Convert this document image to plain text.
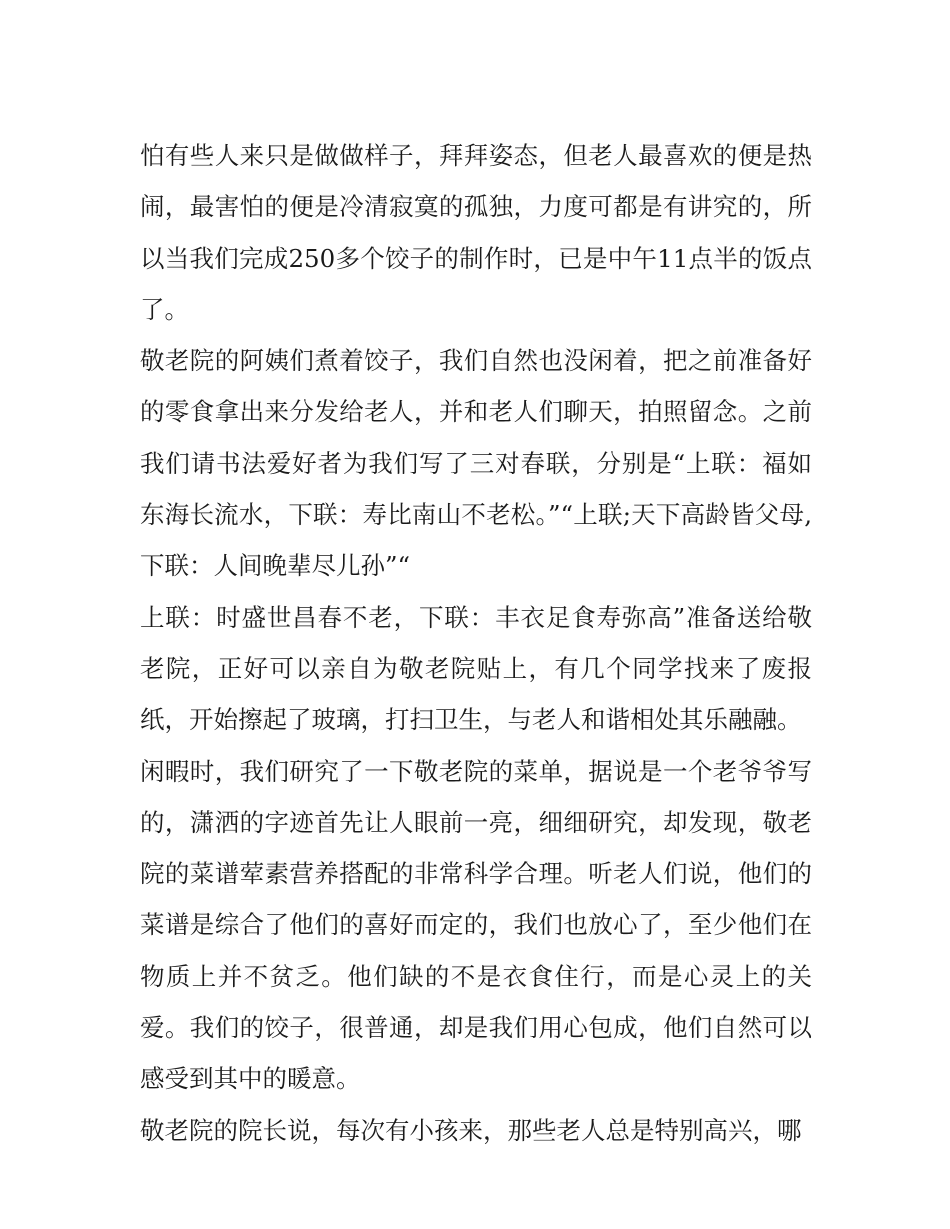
怕有些人来只是做做样子，拜拜姿态，但老人最喜欢的便是热闹，最害怕的便是冷清寂寞的孤独，力度可都是有讲究的，所以当我们完成250多个饺子的制作时，已是中午11点半的饭点了。

敬老院的阿姨们煮着饺子，我们自然也没闲着，把之前准备好的零食拿出来分发给老人，并和老人们聊天，拍照留念。之前我们请书法爱好者为我们写了三对春联，分别是“上联：福如东海长流水，下联：寿比南山不老松。”“上联;天下高龄皆父母,下联：人间晚辈尽儿孙”“

上联：时盛世昌春不老，下联：丰衣足食寿弥高”准备送给敬老院，正好可以亲自为敬老院贴上，有几个同学找来了废报纸，开始擦起了玻璃，打扫卫生，与老人和谐相处其乐融融。

闲暇时，我们研究了一下敬老院的菜单，据说是一个老爷爷写的，潇洒的字迹首先让人眼前一亮，细细研究，却发现，敬老院的菜谱荤素营养搭配的非常科学合理。听老人们说，他们的菜谱是综合了他们的喜好而定的，我们也放心了，至少他们在物质上并不贫乏。他们缺的不是衣食住行，而是心灵上的关爱。我们的饺子，很普通，却是我们用心包成，他们自然可以感受到其中的暖意。

敬老院的院长说，每次有小孩来，那些老人总是特别高兴，哪
